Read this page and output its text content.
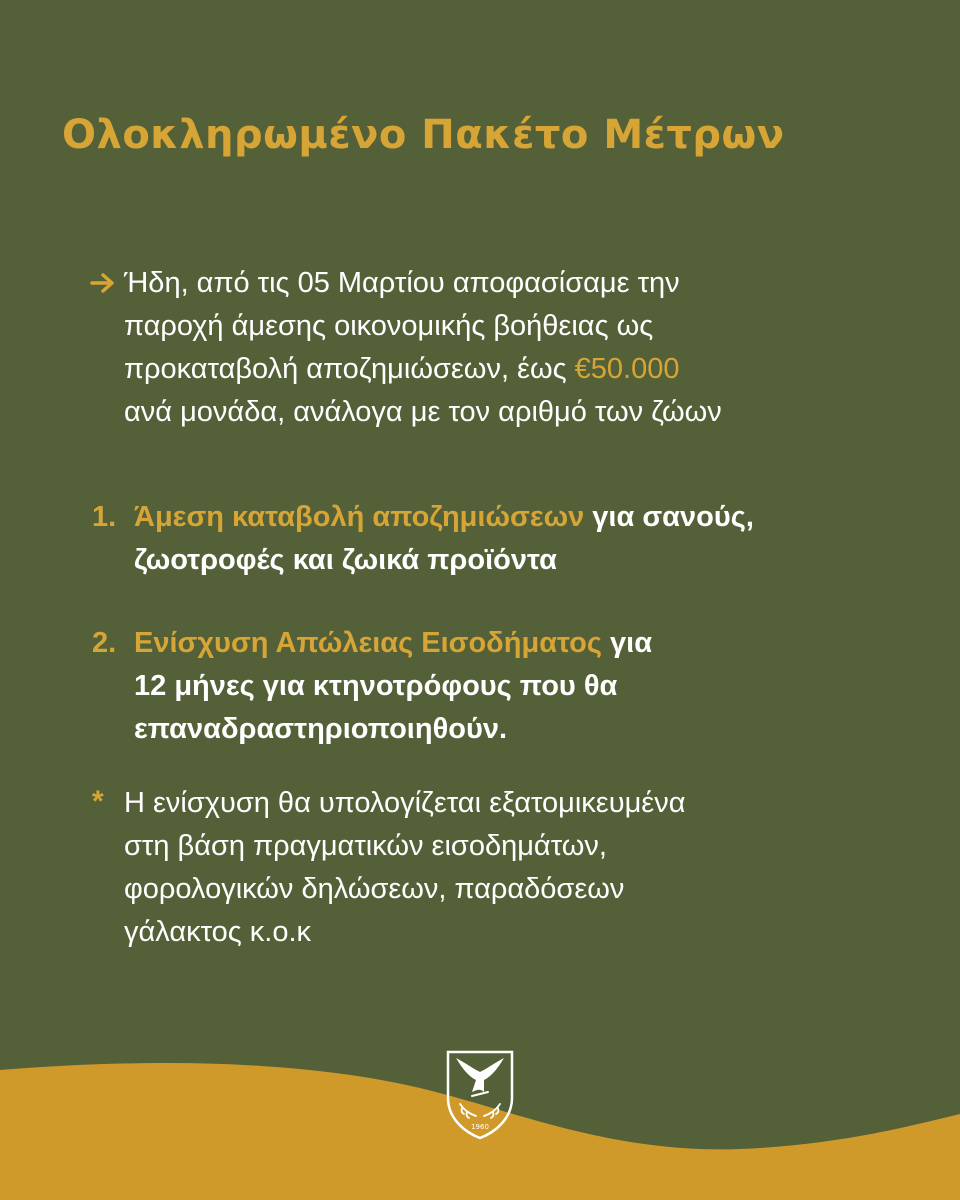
Ολοκληρωμένο Πακέτο Μέτρων
Ήδη, από τις 05 Μαρτίου αποφασίσαμε την
παροχή άμεσης οικονομικής βοήθειας ως
προκαταβολή αποζημιώσεων, έως €50.000
ανά μονάδα, ανάλογα με τον αριθμό των ζώων
1. Άμεση καταβολή αποζημιώσεων για σανούς,
ζωοτροφές και ζωικά προϊόντα
2. Ενίσχυση Απώλειας Εισοδήματος για
12 μήνες για κτηνοτρόφους που θα
επαναδραστηριοποιηθούν.
* Η ενίσχυση θα υπολογίζεται εξατομικευμένα
στη βάση πραγματικών εισοδημάτων,
φορολογικών δηλώσεων, παραδόσεων
γάλακτος κ.ο.κ
1960
